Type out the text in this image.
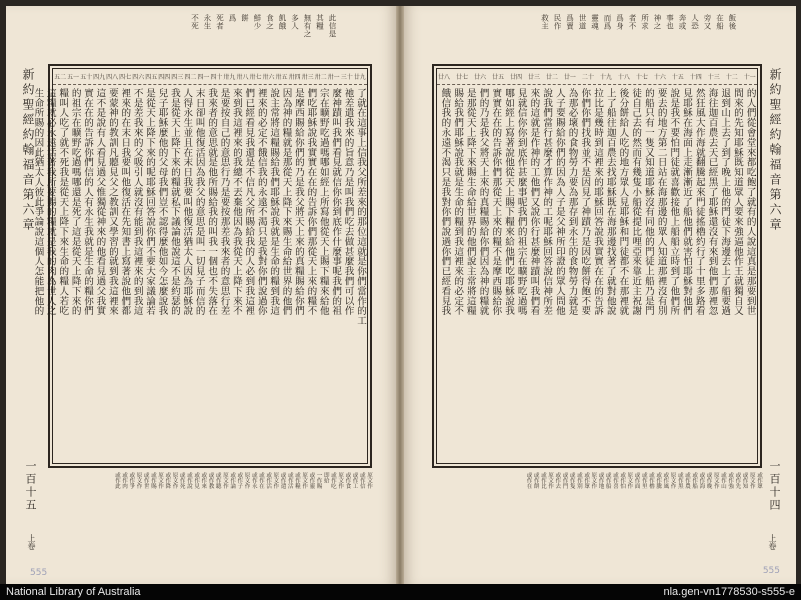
此信是
其糧
無有之
多人
飢餓
食之
鮮少
餅
爲
死者
永生
不死
新約聖經約翰福音第六章	廿九
三十
卅一
卅二
卅三
卅四
卅五
卅六
卅七
卅八
卅九
四十
四一
四二
四三
四四
四五
四六
四七
四八
四九
五十
五一
五二
了就在這事上信我父所差來的那位這就是你們當作的工
祂差遣我來的旨意乃是叫我們吃去做甚麼我們可以作
麼神蹟叫我們看見就信你你到底作什麼事呢我們的祖
宗在曠野吃過嗎哪如經上所寫他從天上賜下糧來給他
們吃耶穌說我實實在在的告訴你們那從天上來的糧不
是摩西賜給你們的乃是我父將天上來的真糧賜給你們
因為神的糧就是那從天上降下來賜生命給世界的他們
說主常將這糧賜給我們耶穌說我就是生命的糧到我這
裡來的必定不餓信我的永遠不渴只是我對你們說過你
們已經看見我還是不信凡父所賜給我的人必到我這裡
來到我這裡來的我總不丟棄他因為我從天上降下來不
是要按自己的意思行乃是要按那差我來者的意思行差
我來者的意思就是他所賜給我的叫我一個也不失落在
末日卻叫他復活因為我父的意思是叫一切見子而信的
人得永生並且在末日我要叫他復活猶太人因為耶穌說
我是從天上降下來的糧就私下議論他說這不是約瑟的
兒子耶穌麼他的父母我們豈不認得麼他如今怎麼說我
是從天上降下來的呢耶穌回答說你們不要大家議論若
不是差我來的父吸引人就沒有能到我這裡來的到我這
裡來的在末日我要叫他復活在先知書上寫著說他們都
要蒙神的教訓凡聽見父之教訓又學習的就到我這裡來
這不是說有人看見過父惟獨從神來的他看見過父我實
實在在的告訴你們信的人有永生我就是生命的糧你們
的祖宗在曠野吃過嗎哪還是死了這是從天上降下來的
糧叫人吃了就不死我是從天上降下來生命的糧人若吃
這糧就必永遠活著我所要賜的糧就是我的肉為世人之
生命所賜的因此猶太人彼此爭論說這個人怎能把他的
原文作
或作信
或作工
或作食
原文作
或作吃
即給
一作賜
或作靈
原文作
或作糧
或作活
或作遣
原文作
或作活
或作在
或作永
原文作
或作子
或作論
原文作
或作聽
或作教
或作來
或作見
或作說
或作死
原文作
或作降
原文作
或作賜
或作世
原文作
或作爭
或作肉
或作此
一百十五
上卷
555
飯後
在船
旁又
人恐
奔或
事也
神之
所求
者不
爲身
而爲
靈魂
世道
爲賣
民作
救主
新約聖經約翰福音第六章
十一
十二
十三
十四
十五
十六
十七
十八
十九
二十
廿一
廿二
廿三
廿四
廿五
廿六
廿七
廿八
的人們從會堂來都吃飽了就有的人說這真是那要到世
間來的先知耶穌既知道眾人要來強逼他作王就獨自又
退到山上去了到了晚上他的門徒下海邊去上了船要過
海往迦百農去天已經黑了耶穌還沒有來到他們那裡忽
然狂風大作海就翻騰起來門徒搖櫓約行了十里多路看
見耶穌在海面上走漸漸近了船他們就害怕耶穌對他們
說是我不要怕門徒就喜歡接他上船船立時到了他們所
要去的地方第二日站在海那邊的眾人知道那裡沒有別
的船只有一隻又知道耶穌沒有同他的門徒上船乃是門
徒自己去的然而有幾隻小船從提比哩亞來靠近主祝謝
後分餅給人吃的地方眾人見耶穌和門徒都不在那裡就
上了船往迦百農去找耶穌既在海那邊找著了就對他說
拉比是幾時到這裡來的耶穌回答說我實實在在的告訴
你們你們找我並不是因見了神蹟乃是因吃餅得飽不要
為那必壞的食物勞力要為那存到永生的食物勞力就是
人子要賜給你們的因為人子是父神所印證的眾人問他
說我們當行甚麼才算作神的工呢耶穌回答說信神所差
來的這就是作神的工他們又說你行甚麼神蹟叫我們看
見就信你你到底作甚麼事呢我們的祖宗在曠野吃過嗎
哪如經上寫著說他從天上賜下糧來給他們吃耶穌說我
實實在在的告訴你們那從天上來的糧不是摩西賜給你
們的乃是我父將天上來的真糧賜給你們因為神的糧就
是那從天上降下來賜生命給世界的他們說主常將這糧
賜給我們耶穌說我就是生命的糧到我這裡來的必定不
餓信我的永遠不渴只是我對你們說過你們已經看見我
或作眾
原文作
或作知
或作先
或作強
或作山
原文作
或作晚
或作海
或作船
或作農
或作黑
原文作
或作風
或作騰
或作櫓
或作里
或作面
原文作
或作怕
或作喜
或作船
或作地
原文作
或作眾
或作別
或作隻
或作門
或作去
原文作
或作比
或作餅
或作在	一百十四
上卷
555
National Library of Australia	nla.gen-vn1778530-s555-e
